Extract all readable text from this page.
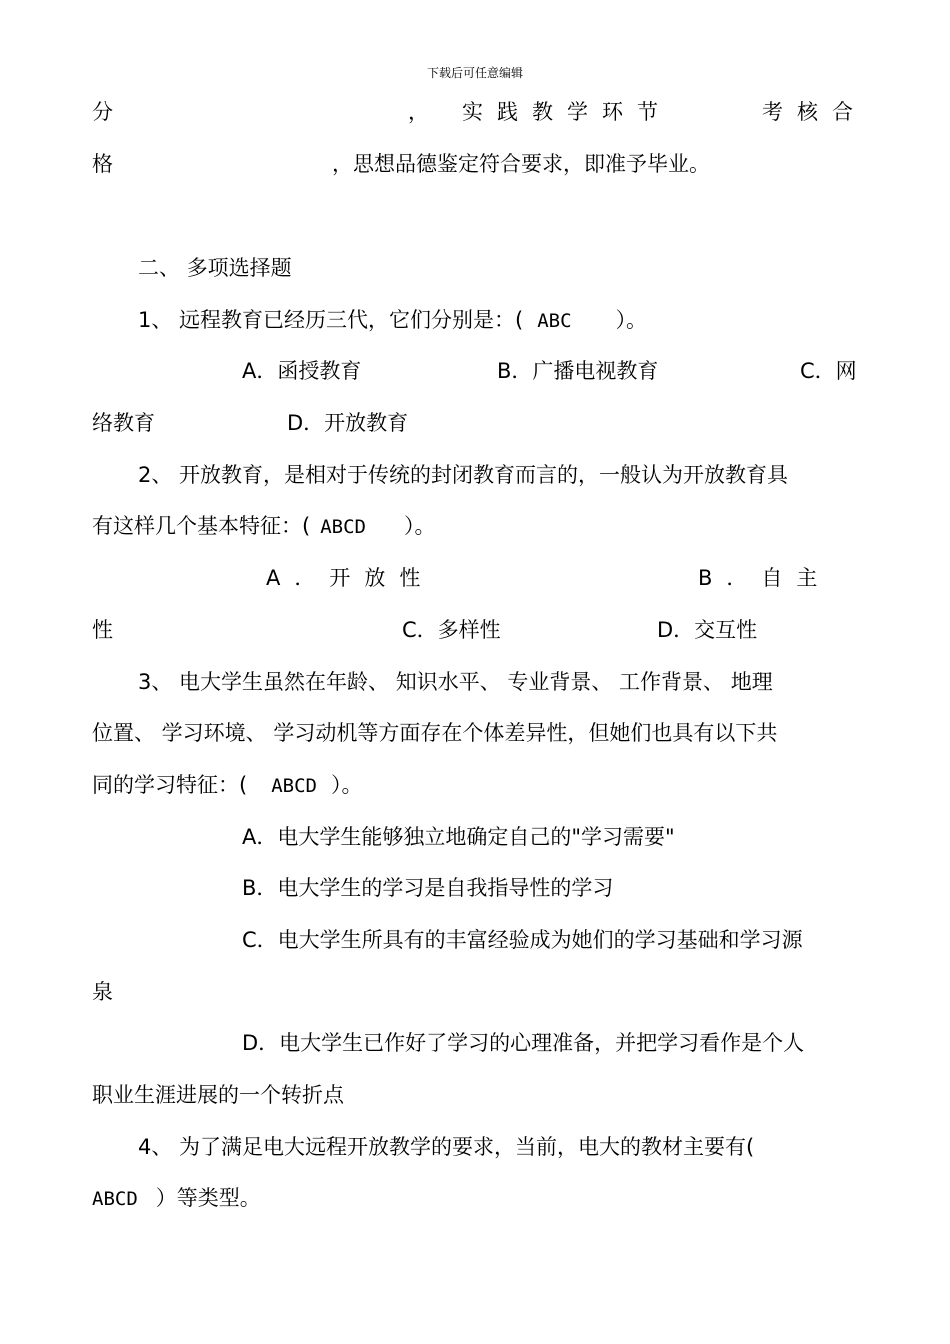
下载后可任意编辑
分	， 实践教学环节	考核合
格	，思想品德鉴定符合要求，即准予毕业。
二、 多项选择题
1、 远程教育已经历三代，它们分别是：( ABC ）。
A．函授教育	B．广播电视教育	C．网
络教育	D．开放教育
2、 开放教育，是相对于传统的封闭教育而言的，一般认为开放教育具
有这样几个基本特征：( ABCD ）。
A．开放性	B．自主
性	C．多样性	D．交互性
3、 电大学生虽然在年龄、 知识水平、 专业背景、 工作背景、 地理
位置、 学习环境、 学习动机等方面存在个体差异性，但她们也具有以下共
同的学习特征：( ABCD ）。
A．电大学生能够独立地确定自己的"学习需要"
B．电大学生的学习是自我指导性的学习
C．电大学生所具有的丰富经验成为她们的学习基础和学习源
泉
D．电大学生已作好了学习的心理准备，并把学习看作是个人
职业生涯进展的一个转折点
4、 为了满足电大远程开放教学的要求，当前，电大的教材主要有(
ABCD ）等类型。
